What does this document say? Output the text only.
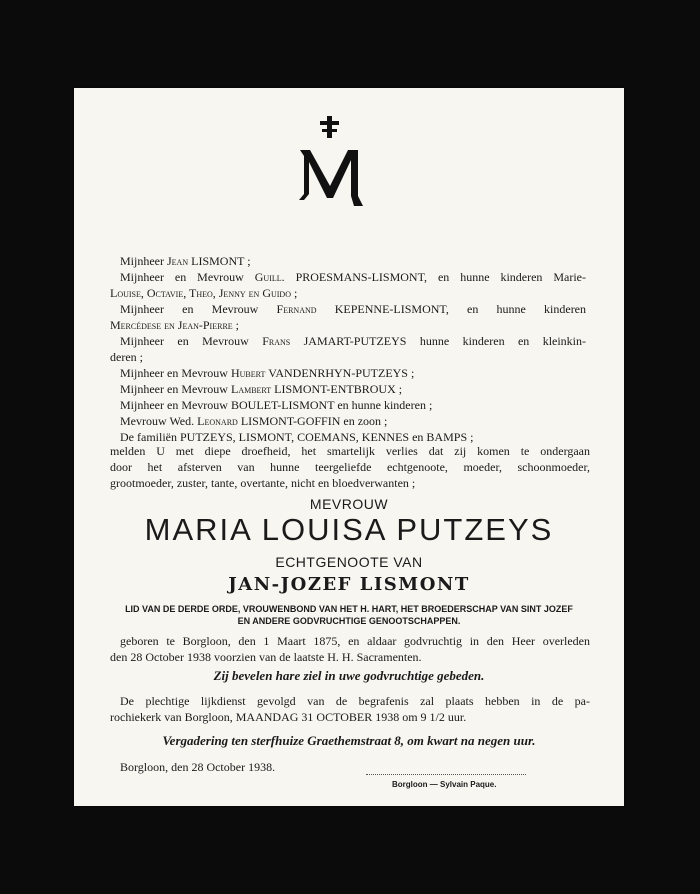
Mijnheer Jean LISMONT ;
Mijnheer en Mevrouw Guill. PROESMANS-LISMONT, en hunne kinderen Marie-
Louise, Octavie, Theo, Jenny en Guido ;
Mijnheer en Mevrouw Fernand KEPENNE-LISMONT, en hunne kinderen
Mercédese en Jean-Pierre ;
Mijnheer en Mevrouw Frans JAMART-PUTZEYS hunne kinderen en kleinkin-
deren ;
Mijnheer en Mevrouw Hubert VANDENRHYN-PUTZEYS ;
Mijnheer en Mevrouw Lambert LISMONT-ENTBROUX ;
Mijnheer en Mevrouw BOULET-LISMONT en hunne kinderen ;
Mevrouw Wed. Leonard LISMONT-GOFFIN en zoon ;
De familiën PUTZEYS, LISMONT, COEMANS, KENNES en BAMPS ;
melden U met diepe droefheid, het smartelijk verlies dat zij komen te ondergaan
door het afsterven van hunne teergeliefde echtgenoote, moeder, schoonmoeder,
grootmoeder, zuster, tante, overtante, nicht en bloedverwanten ;
MEVROUW
MARIA LOUISA PUTZEYS
ECHTGENOOTE VAN
JAN-JOZEF LISMONT
LID VAN DE DERDE ORDE, VROUWENBOND VAN HET H. HART, HET BROEDERSCHAP VAN SINT JOZEF
EN ANDERE GODVRUCHTIGE GENOOTSCHAPPEN.
geboren te Borgloon, den 1 Maart 1875, en aldaar godvruchtig in den Heer overleden
den 28 October 1938 voorzien van de laatste H. H. Sacramenten.
Zij bevelen hare ziel in uwe godvruchtige gebeden.
De plechtige lijkdienst gevolgd van de begrafenis zal plaats hebben in de pa-
rochiekerk van Borgloon, MAANDAG 31 OCTOBER 1938 om 9 1/2 uur.
Vergadering ten sterfhuize Graethemstraat 8, om kwart na negen uur.
Borgloon, den 28 October 1938.
Borgloon — Sylvain Paque.
